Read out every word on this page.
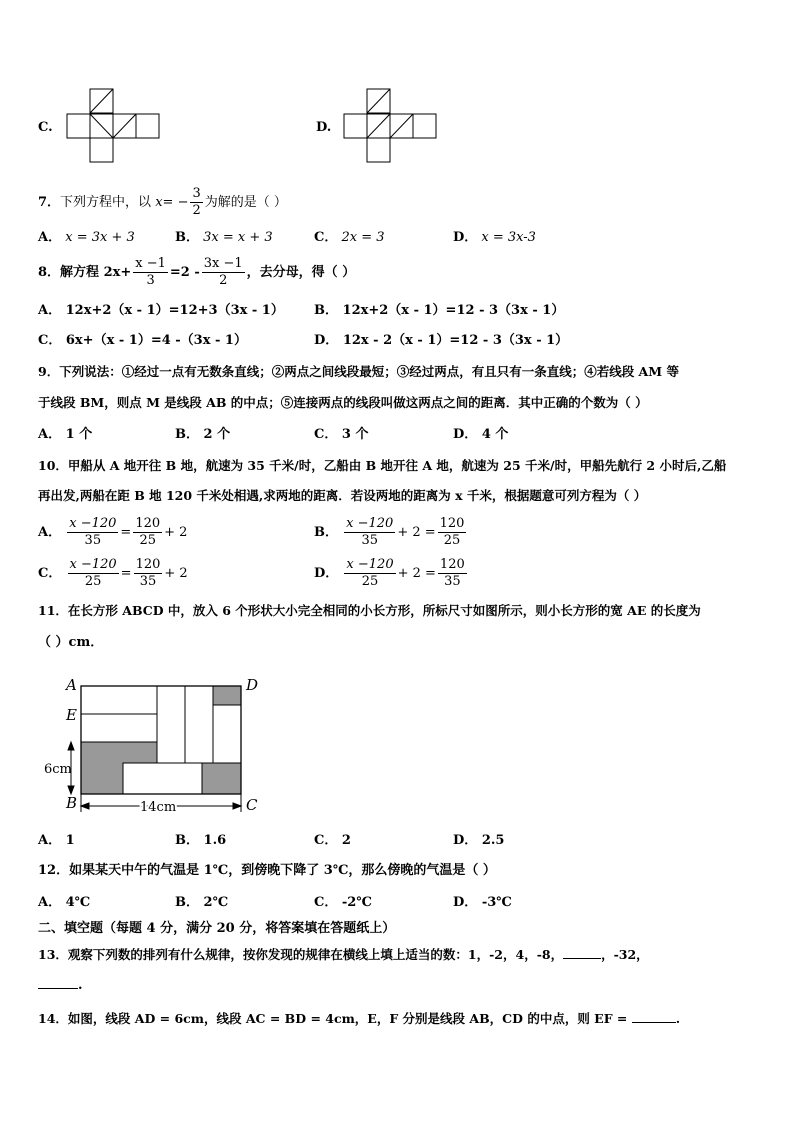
C.	D.
7．下列方程中，以 $x= - \frac{3}{2}$ 为解的是（ ）
A． x = 3x + 3	B． 3x = x + 3	C． 2x = 3	D． x = 3x-3
8．解方程 $2x+ \frac{x -1}{3} =2 - \frac{3x -1}{2}$ ，去分母，得（ ）
A． 12x+2（x - 1）=12+3（3x - 1） B． 12x+2（x - 1）=12 - 3（3x - 1）
C． 6x+（x - 1）=4 -（3x - 1）	D． 12x - 2（x - 1）=12 - 3（3x - 1）
9．下列说法：①经过一点有无数条直线；②两点之间线段最短；③经过两点，有且只有一条直线；④若线段 AM 等
于线段 BM，则点 M 是线段 AB 的中点；⑤连接两点的线段叫做这两点之间的距离．其中正确的个数为（ ）
A． 1 个	B． 2 个	C． 3 个	D． 4 个
10．甲船从 A 地开往 B 地，航速为 35 千米/时，乙船由 B 地开往 A 地，航速为 25 千米/时，甲船先航行 2 小时后,乙船
再出发,两船在距 B 地 120 千米处相遇,求两地的距离．若设两地的距离为 x 千米，根据题意可列方程为（ ）
A． $\frac{x -120}{35} = \frac{120}{25} + 2$	B． $\frac{x -120}{35} + 2 = \frac{120}{25}$
C． $\frac{x -120}{25} = \frac{120}{35} + 2$	D． $\frac{x -120}{25} + 2 = \frac{120}{35}$
11．在长方形 ABCD 中，放入 6 个形状大小完全相同的小长方形，所标尺寸如图所示，则小长方形的宽 AE 的长度为
（ ）cm．
A	D
E
B	C
6cm
14cm
A． 1	B． 1.6	C． 2	D． 2.5
12．如果某天中午的气温是 1℃，到傍晚下降了 3℃，那么傍晚的气温是（ ）
A． 4℃	B． 2℃	C． -2℃	D． -3℃
二、填空题（每题 4 分，满分 20 分，将答案填在答题纸上）
13．观察下列数的排列有什么规律，按你发现的规律在横线上填上适当的数：1，-2，4，-8，	，-32，
.
14．如图，线段 AD = 6cm，线段 AC = BD = 4cm，E，F 分别是线段 AB，CD 的中点，则 EF =	.
